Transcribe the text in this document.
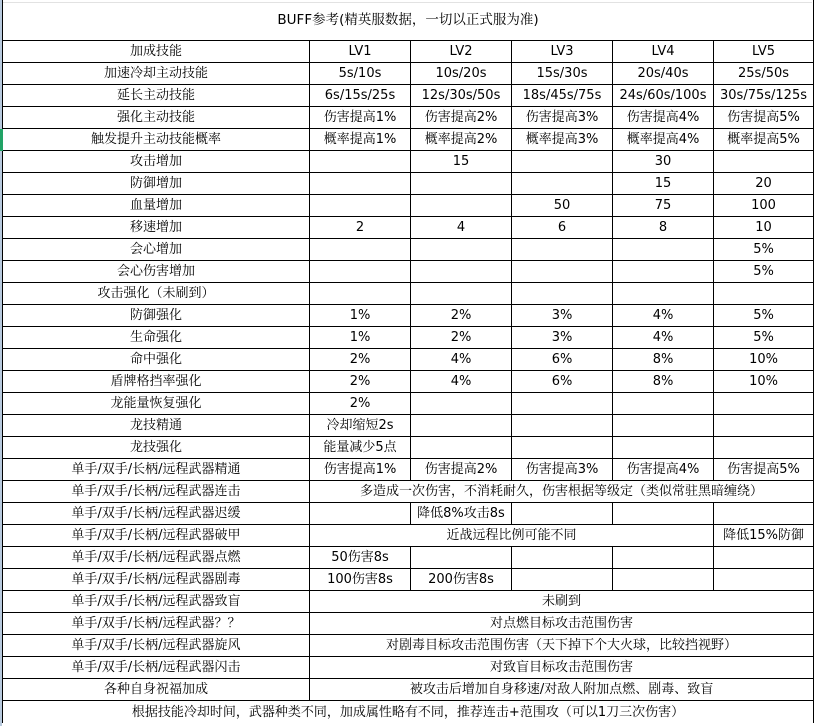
BUFF参考(精英服数据，一切以正式服为准)					
加成技能	LV1	LV2	LV3	LV4	LV5
加速冷却主动技能	5s/10s	10s/20s	15s/30s	20s/40s	25s/50s
延长主动技能	6s/15s/25s	12s/30s/50s	18s/45s/75s	24s/60s/100s	30s/75s/125s
强化主动技能	伤害提高1%	伤害提高2%	伤害提高3%	伤害提高4%	伤害提高5%
触发提升主动技能概率	概率提高1%	概率提高2%	概率提高3%	概率提高4%	概率提高5%
攻击增加		15		30	
防御增加				15	20
血量增加			50	75	100
移速增加	2	4	6	8	10
会心增加					5%
会心伤害增加					5%
攻击强化（未刷到）					
防御强化	1%	2%	3%	4%	5%
生命强化	1%	2%	3%	4%	5%
命中强化	2%	4%	6%	8%	10%
盾牌格挡率强化	2%	4%	6%	8%	10%
龙能量恢复强化	2%				
龙技精通	冷却缩短2s				
龙技强化	能量减少5点				
单手/双手/长柄/远程武器精通	伤害提高1%	伤害提高2%	伤害提高3%	伤害提高4%	伤害提高5%
单手/双手/长柄/远程武器连击	多造成一次伤害，不消耗耐久，伤害根据等级定（类似常驻黑暗缠绕）				
单手/双手/长柄/远程武器迟缓		降低8%攻击8s			
单手/双手/长柄/远程武器破甲	近战远程比例可能不同				降低15%防御
单手/双手/长柄/远程武器点燃	50伤害8s				
单手/双手/长柄/远程武器剧毒	100伤害8s	200伤害8s			
单手/双手/长柄/远程武器致盲	未刷到				
单手/双手/长柄/远程武器？？	对点燃目标攻击范围伤害				
单手/双手/长柄/远程武器旋风	对剧毒目标攻击范围伤害（天下掉下个大火球，比较挡视野）				
单手/双手/长柄/远程武器闪击	对致盲目标攻击范围伤害				
各种自身祝福加成	被攻击后增加自身移速/对敌人附加点燃、剧毒、致盲				
根据技能冷却时间，武器种类不同，加成属性略有不同，推荐连击+范围攻（可以1刀三次伤害）					
